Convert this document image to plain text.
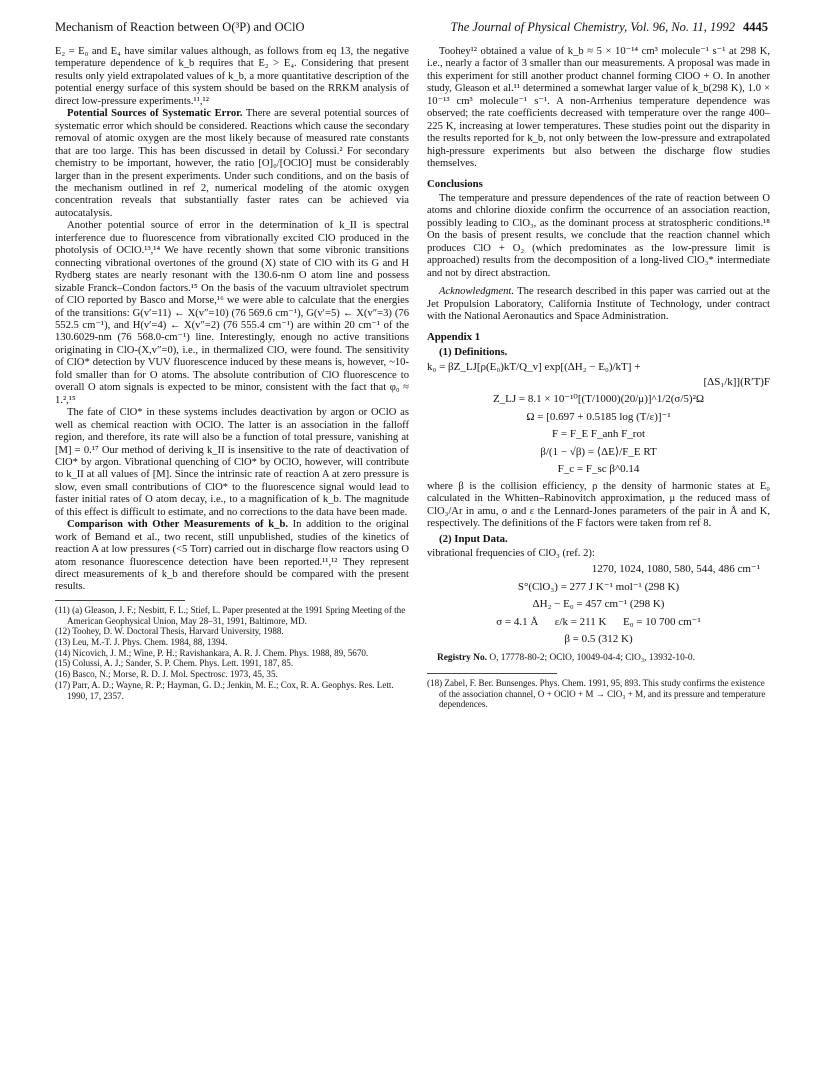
Mechanism of Reaction between O(³P) and OClO	The Journal of Physical Chemistry, Vol. 96, No. 11, 1992 4445

E₂ = E₀ and E₄ have similar values although, as follows from eq 13, the negative temperature dependence of k_b requires that E₂ > E₄. Considering that present results only yield extrapolated values of k_b, a more quantitative description of the potential energy surface of this system should be based on the RRKM analysis of direct low-pressure experiments.¹¹,¹²

Potential Sources of Systematic Error. There are several potential sources of systematic error which should be considered. Reactions which cause the secondary removal of atomic oxygen are the most likely because of measured rate constants that are too large. This has been discussed in detail by Colussi.² For secondary chemistry to be important, however, the ratio [O]₀/[OClO] must be considerably larger than in the present experiments. Under such conditions, and on the basis of the mechanism outlined in ref 2, numerical modeling of the atomic oxygen concentration reveals that substantially faster rates can be achieved via autocatalysis.

Another potential source of error in the determination of k_II is spectral interference due to fluorescence from vibrationally excited ClO produced in the photolysis of OClO.¹³,¹⁴ We have recently shown that some vibronic transitions connecting vibrational overtones of the ground (X) state of ClO with its G and H Rydberg states are nearly resonant with the 130.6-nm O atom line and possess sizable Franck–Condon factors.¹⁵ On the basis of the vacuum ultraviolet spectrum of ClO reported by Basco and Morse,¹⁶ we were able to calculate that the energies of the transitions: G(v′=11) ← X(v″=10) (76 569.6 cm⁻¹), G(v′=5) ← X(v″=3) (76 552.5 cm⁻¹), and H(v′=4) ← X(v″=2) (76 555.4 cm⁻¹) are within 20 cm⁻¹ of the 130.6029-nm (76 568.0-cm⁻¹) line. Interestingly, enough no active transitions originating in ClO-(X,v″=0), i.e., in thermalized ClO, were found. The sensitivity of ClO* detection by VUV fluorescence induced by these means is, however, ~10-fold smaller than for O atoms. The absolute contribution of ClO fluorescence to overall O atom signals is expected to be minor, consistent with the fact that φ₀ ≈ 1.²,¹⁵

The fate of ClO* in these systems includes deactivation by argon or OClO as well as chemical reaction with OClO. The latter is an association in the falloff region, and therefore, its rate will also be a function of total pressure, vanishing at [M] = 0.¹⁷ Our method of deriving k_II is insensitive to the rate of deactivation of ClO* by argon. Vibrational quenching of ClO* by OClO, however, will contribute to k_II at all values of [M]. Since the intrinsic rate of reaction A at zero pressure is slow, even small contributions of ClO* to the fluorescence signal would lead to faster initial rates of O atom decay, i.e., to a magnification of k_b. The magnitude of this effect is difficult to estimate, and no corrections to the data have been made.

Comparison with Other Measurements of k_b. In addition to the original work of Bemand et al., two recent, still unpublished, studies of the kinetics of reaction A at low pressures (<5 Torr) carried out in discharge flow reactors using O atom resonance fluorescence detection have been reported.¹¹,¹² They represent direct measurements of k_b and therefore should be compared with the present results.

(11) (a) Gleason, J. F.; Nesbitt, F. L.; Stief, L. Paper presented at the 1991 Spring Meeting of the American Geophysical Union, May 28–31, 1991, Baltimore, MD.

(12) Toohey, D. W. Doctoral Thesis, Harvard University, 1988.

(13) Leu, M.-T. J. Phys. Chem. 1984, 88, 1394.

(14) Nicovich, J. M.; Wine, P. H.; Ravishankara, A. R. J. Chem. Phys. 1988, 89, 5670.

(15) Colussi, A. J.; Sander, S. P. Chem. Phys. Lett. 1991, 187, 85.

(16) Basco, N.; Morse, R. D. J. Mol. Spectrosc. 1973, 45, 35.

(17) Parr, A. D.; Wayne, R. P.; Hayman, G. D.; Jenkin, M. E.; Cox, R. A. Geophys. Res. Lett. 1990, 17, 2357.

Toohey¹² obtained a value of k_b ≈ 5 × 10⁻¹⁴ cm³ molecule⁻¹ s⁻¹ at 298 K, i.e., nearly a factor of 3 smaller than our measurements. A proposal was made in this experiment for still another product channel forming ClOO + O. In another study, Gleason et al.¹¹ determined a somewhat larger value of k_b(298 K), 1.0 × 10⁻¹³ cm³ molecule⁻¹ s⁻¹. A non-Arrhenius temperature dependence was observed; the rate coefficients decreased with temperature over the range 400–225 K, increasing at lower temperatures. These studies point out the disparity in the results reported for k_b, not only between the low-pressure and extrapolated high-pressure experiments but also between the discharge flow studies themselves.

Conclusions

The temperature and pressure dependences of the rate of reaction between O atoms and chlorine dioxide confirm the occurrence of an association reaction, possibly leading to ClO₃, as the dominant process at stratospheric conditions.¹⁸ On the basis of present results, we conclude that the reaction channel which produces ClO + O₂ (which predominates as the low-pressure limit is approached) results from the decomposition of a long-lived ClO₃* intermediate and not by direct abstraction.

Acknowledgment. The research described in this paper was carried out at the Jet Propulsion Laboratory, California Institute of Technology, under contract with the National Aeronautics and Space Administration.

Appendix 1
(1) Definitions.
k₀ = βZ_LJ[ρ(E₀)kT/Q_v] exp[(ΔH₂ − E₀)/kT] +
[ΔS₁/k]](R′T)F
Z_LJ = 8.1 × 10⁻¹⁰[(T/1000)(20/μ)]^1/2(σ/5)²Ω
Ω = [0.697 + 0.5185 log (T/ε)]⁻¹
F = F_E F_anh F_rot
β/(1 − √β) = ⟨ΔE⟩/F_E RT
F_c = F_sc β^0.14

where β is the collision efficiency, ρ the density of harmonic states at E₀ calculated in the Whitten–Rabinovitch approximation, μ the reduced mass of ClO₃/Ar in amu, σ and ε the Lennard-Jones parameters of the pair in Å and K, respectively. The definitions of the F factors were taken from ref 8.

(2) Input Data.

vibrational frequencies of ClO₃ (ref. 2):

1270, 1024, 1080, 580, 544, 486 cm⁻¹
S°(ClO₃) = 277 J K⁻¹ mol⁻¹ (298 K)
ΔH₂ − E₀ = 457 cm⁻¹ (298 K)
σ = 4.1 Å ε/k = 211 K E₀ = 10 700 cm⁻¹
β = 0.5 (312 K)

Registry No. O, 17778-80-2; OClO, 10049-04-4; ClO₃, 13932-10-0.

(18) Zabel, F. Ber. Bunsenges. Phys. Chem. 1991, 95, 893. This study confirms the existence of the association channel, O + OClO + M → ClO₃ + M, and its pressure and temperature dependences.
